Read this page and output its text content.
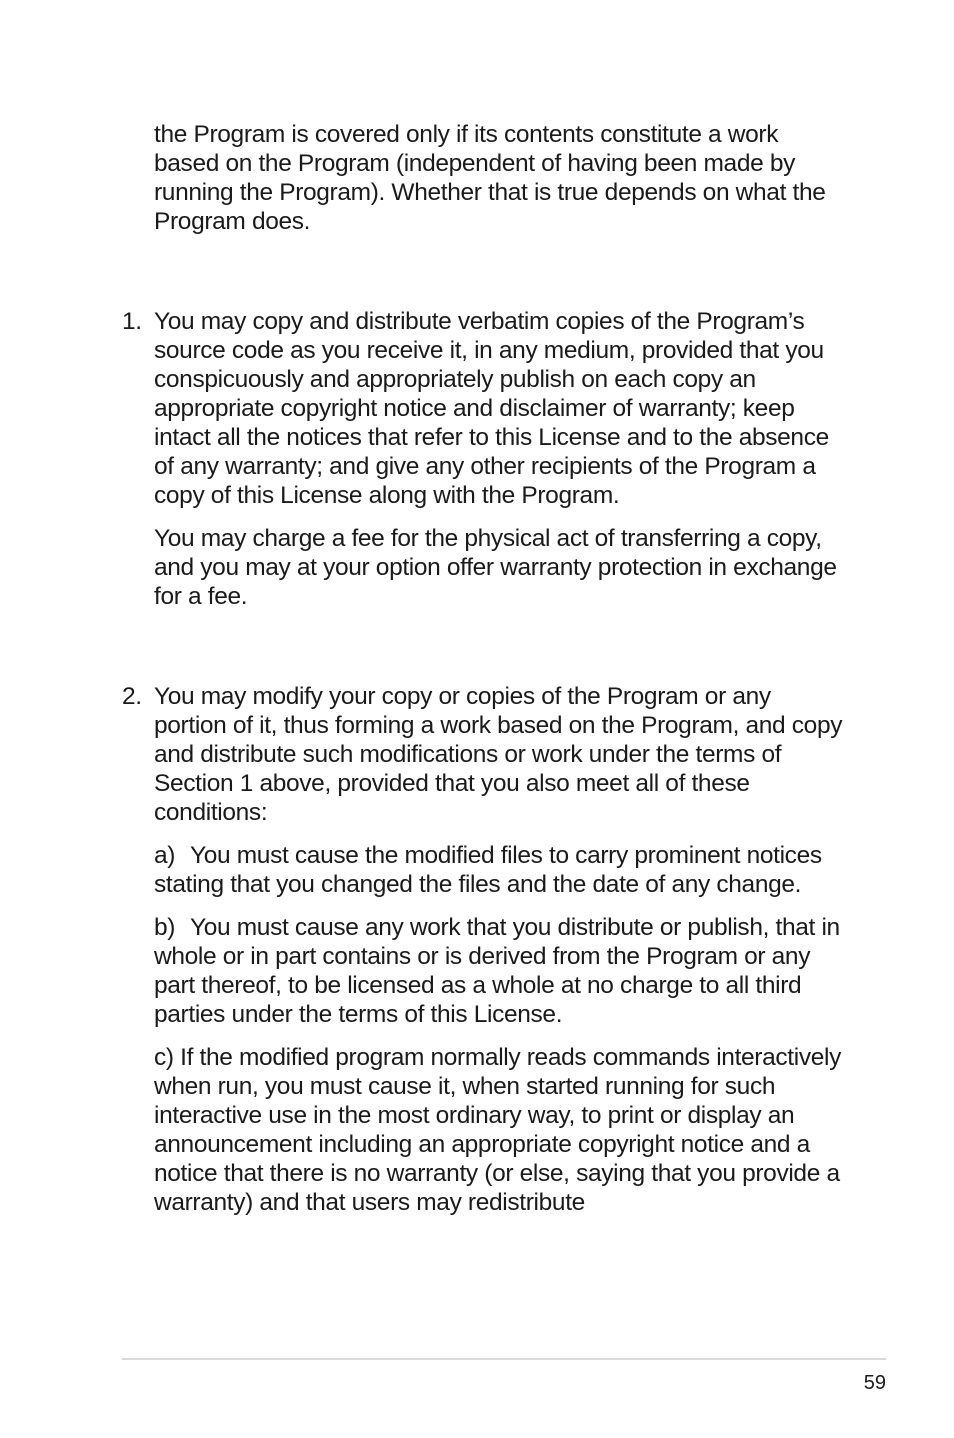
the Program is covered only if its contents constitute a work based on the Program (independent of having been made by running the Program). Whether that is true depends on what the Program does.

1. You may copy and distribute verbatim copies of the Program’s source code as you receive it, in any medium, provided that you conspicuously and appropriately publish on each copy an appropriate copyright notice and disclaimer of warranty; keep intact all the notices that refer to this License and to the absence of any warranty; and give any other recipients of the Program a copy of this License along with the Program.

You may charge a fee for the physical act of transferring a copy, and you may at your option offer warranty protection in exchange for a fee.

2. You may modify your copy or copies of the Program or any portion of it, thus forming a work based on the Program, and copy and distribute such modifications or work under the terms of Section 1 above, provided that you also meet all of these conditions:

a) You must cause the modified files to carry prominent notices stating that you changed the files and the date of any change.

b) You must cause any work that you distribute or publish, that in whole or in part contains or is derived from the Program or any part thereof, to be licensed as a whole at no charge to all third parties under the terms of this License.

c) If the modified program normally reads commands interactively when run, you must cause it, when started running for such interactive use in the most ordinary way, to print or display an announcement including an appropriate copyright notice and a notice that there is no warranty (or else, saying that you provide a warranty) and that users may redistribute

59
